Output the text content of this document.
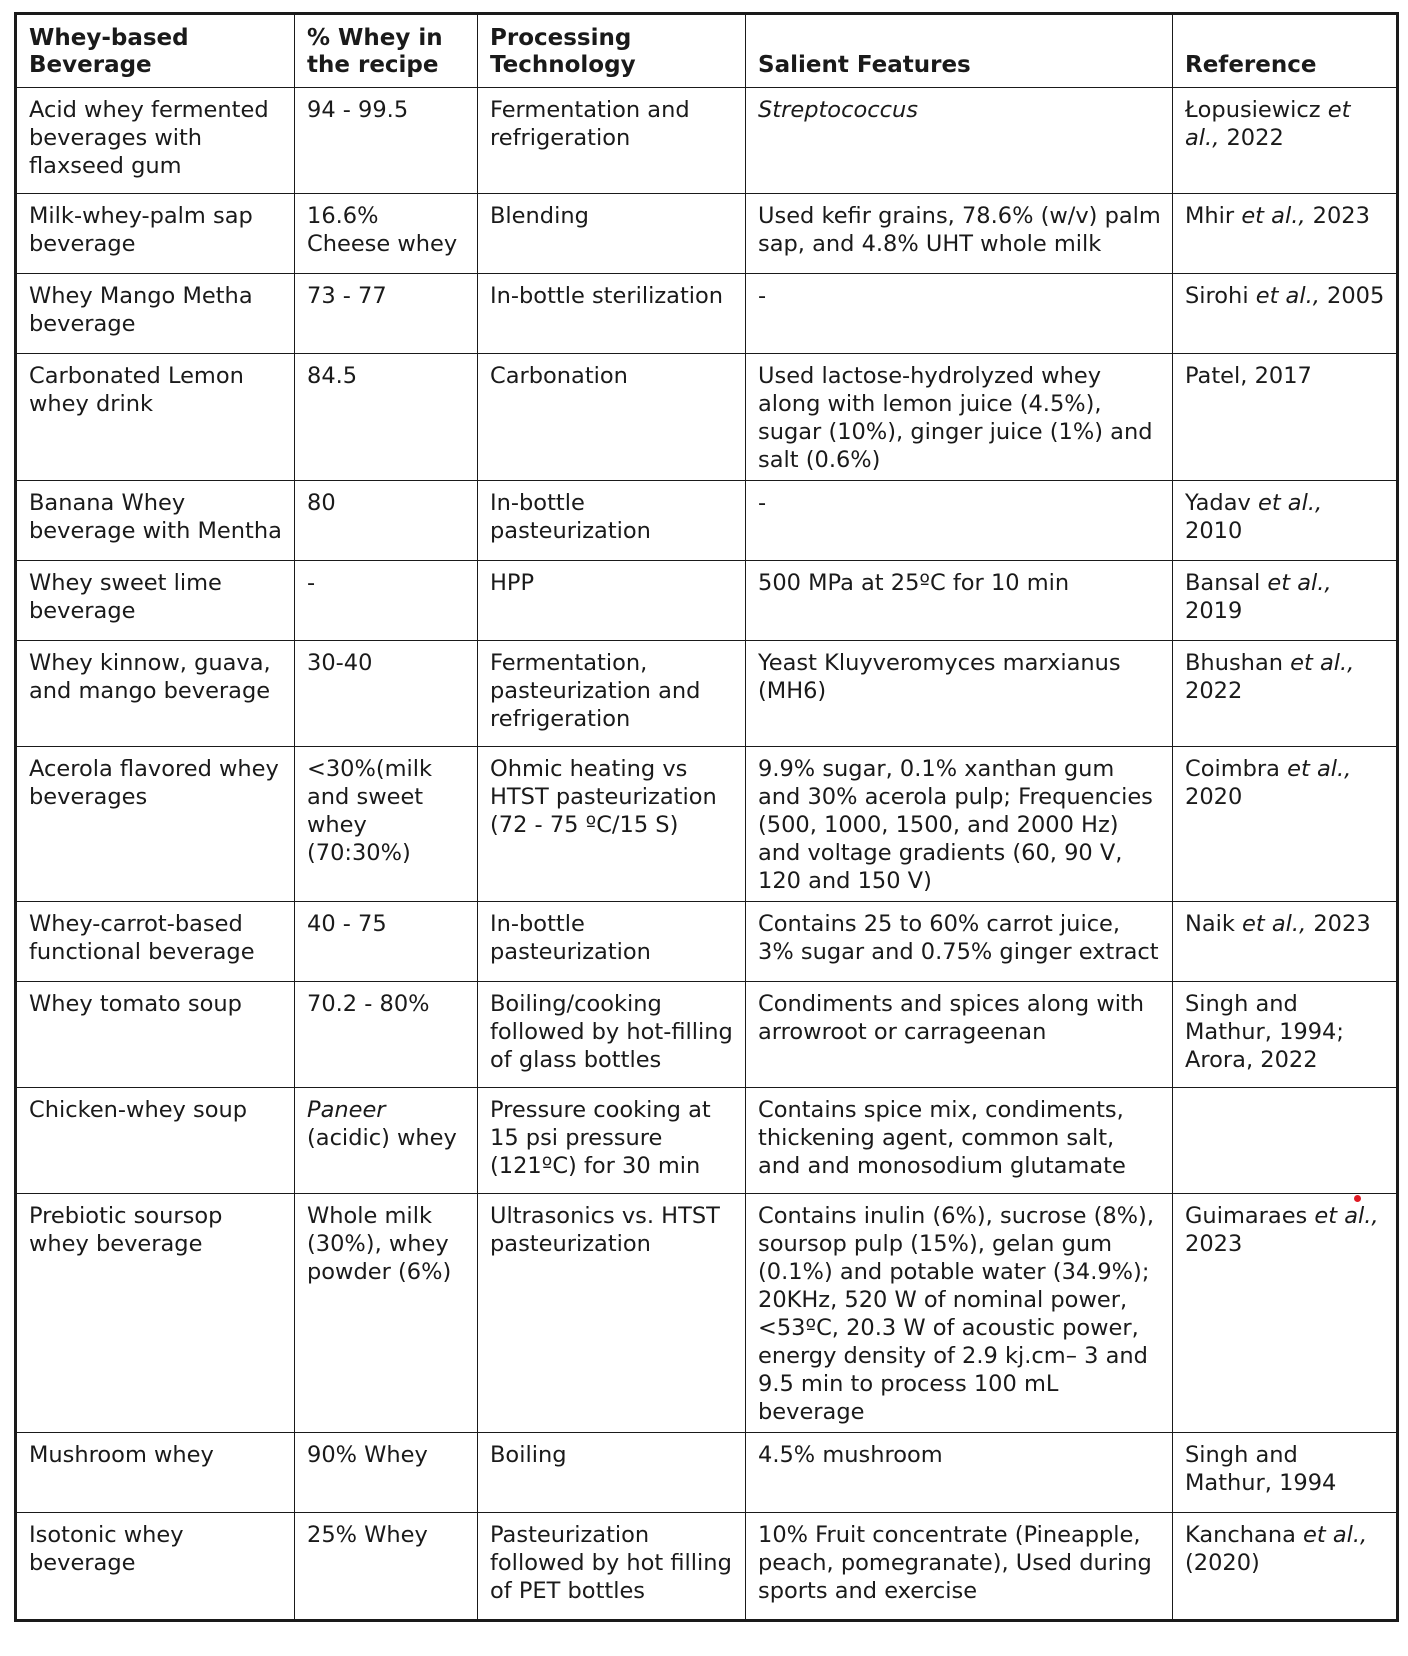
Whey-based Beverage	% Whey in the recipe	Processing Technology	Salient Features	Reference
Acid whey fermented beverages with flaxseed gum	94 - 99.5	Fermentation and refrigeration	Streptococcus	Łopusiewicz et al., 2022
Milk-whey-palm sap beverage	16.6% Cheese whey	Blending	Used kefir grains, 78.6% (w/v) palm sap, and 4.8% UHT whole milk	Mhir et al., 2023
Whey Mango Metha beverage	73 - 77	In-bottle sterilization	-	Sirohi et al., 2005
Carbonated Lemon whey drink	84.5	Carbonation	Used lactose-hydrolyzed whey along with lemon juice (4.5%), sugar (10%), ginger juice (1%) and salt (0.6%)	Patel, 2017
Banana Whey beverage with Mentha	80	In-bottle pasteurization	-	Yadav et al., 2010
Whey sweet lime beverage	-	HPP	500 MPa at 25ºC for 10 min	Bansal et al., 2019
Whey kinnow, guava, and mango beverage	30-40	Fermentation, pasteurization and refrigeration	Yeast Kluyveromyces marxianus (MH6)	Bhushan et al., 2022
Acerola flavored whey beverages	<30%(milk and sweet whey (70:30%)	Ohmic heating vs HTST pasteurization (72 - 75 ºC/15 S)	9.9% sugar, 0.1% xanthan gum and 30% acerola pulp; Frequencies (500, 1000, 1500, and 2000 Hz) and voltage gradients (60, 90 V, 120 and 150 V)	Coimbra et al., 2020
Whey-carrot-based functional beverage	40 - 75	In-bottle pasteurization	Contains 25 to 60% carrot juice, 3% sugar and 0.75% ginger extract	Naik et al., 2023
Whey tomato soup	70.2 - 80%	Boiling/cooking followed by hot-filling of glass bottles	Condiments and spices along with arrowroot or carrageenan	Singh and Mathur, 1994; Arora, 2022
Chicken-whey soup	Paneer (acidic) whey	Pressure cooking at 15 psi pressure (121ºC) for 30 min	Contains spice mix, condiments, thickening agent, common salt, and and monosodium glutamate	
Prebiotic soursop whey beverage	Whole milk (30%), whey powder (6%)	Ultrasonics vs. HTST pasteurization	Contains inulin (6%), sucrose (8%), soursop pulp (15%), gelan gum (0.1%) and potable water (34.9%); 20KHz, 520 W of nominal power, <53ºC, 20.3 W of acoustic power, energy density of 2.9 kj.cm– 3 and 9.5 min to process 100 mL beverage	Guimaraes et al., 2023
Mushroom whey	90% Whey	Boiling	4.5% mushroom	Singh and Mathur, 1994
Isotonic whey beverage	25% Whey	Pasteurization followed by hot filling of PET bottles	10% Fruit concentrate (Pineapple, peach, pomegranate), Used during sports and exercise	Kanchana et al., (2020)
